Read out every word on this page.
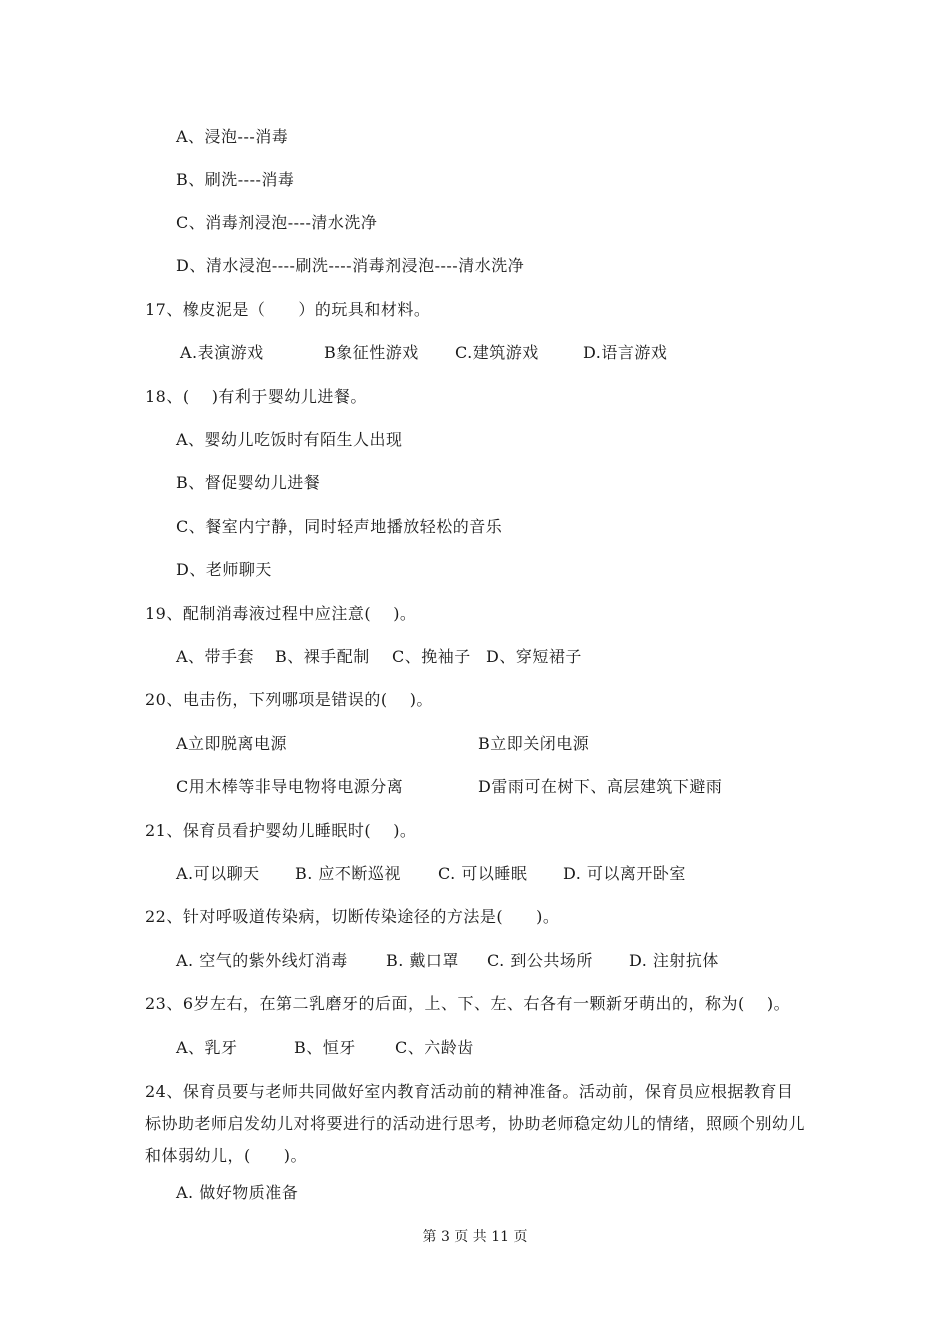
A、浸泡---消毒
B、刷洗----消毒
C、消毒剂浸泡----清水洗净
D、清水浸泡----刷洗----消毒剂浸泡----清水洗净
17、橡皮泥是（　　）的玩具和材料。
A.表演游戏	B象征性游戏 C.建筑游戏	D.语言游戏
18、(　 )有利于婴幼儿进餐。
A、婴幼儿吃饭时有陌生人出现
B、督促婴幼儿进餐
C、餐室内宁静，同时轻声地播放轻松的音乐
D、老师聊天
19、配制消毒液过程中应注意(　 )。
A、带手套 B、裸手配制 C、挽袖子 D、穿短裙子
20、电击伤，下列哪项是错误的(　 )。
A立即脱离电源	B立即关闭电源
C用木棒等非导电物将电源分离	D雷雨可在树下、高层建筑下避雨
21、保育员看护婴幼儿睡眠时(　 )。
A.可以聊天 B. 应不断巡视 C. 可以睡眠 D. 可以离开卧室
22、针对呼吸道传染病，切断传染途径的方法是(　　)。
A. 空气的紫外线灯消毒 B. 戴口罩 C. 到公共场所 D. 注射抗体
23、6岁左右，在第二乳磨牙的后面，上、下、左、右各有一颗新牙萌出的，称为(　 )。
A、乳牙	B、恒牙 C、六龄齿
24、保育员要与老师共同做好室内教育活动前的精神准备。活动前，保育员应根据教育目标协助老师启发幼儿对将要进行的活动进行思考，协助老师稳定幼儿的情绪，照顾个别幼儿和体弱幼儿，(　　)。
A. 做好物质准备
第 3 页 共 11 页
